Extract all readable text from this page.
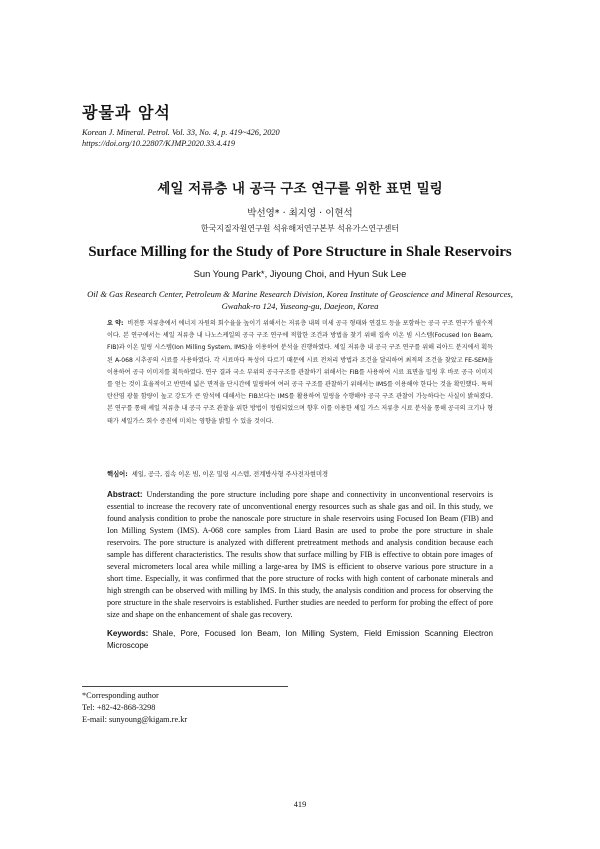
광물과 암석
Korean J. Mineral. Petrol. Vol. 33, No. 4, p. 419~426, 2020
https://doi.org/10.22807/KJMP.2020.33.4.419
셰일 저류층 내 공극 구조 연구를 위한 표면 밀링
박선영* · 최지영 · 이현석
한국지질자원연구원 석유해저연구본부 석유가스연구센터
Surface Milling for the Study of Pore Structure in Shale Reservoirs
Sun Young Park*, Jiyoung Choi, and Hyun Suk Lee
Oil & Gas Research Center, Petroleum & Marine Research Division, Korea Institute of Geoscience and Mineral Resources, Gwahak-ro 124, Yuseong-gu, Daejeon, Korea
요 약: 비전통 저류층에서 에너지 자원의 회수율을 높이기 위해서는 저류층 내의 미세 공극 형태와 연결도 등을 포함하는 공극 구조 연구가 필수적이다. 본 연구에서는 셰일 저류층 내 나노스케일의 공극 구조 연구에 적합한 조건과 방법을 찾기 위해 집속 이온 빔 시스템(Focused Ion Beam, FIB)과 이온 밀링 시스템(Ion Milling System, IMS)을 이용하여 분석을 진행하였다. 셰일 저류층 내 공극 구조 연구를 위해 리아드 분지에서 획득된 A-068 시추공의 시료를 사용하였다. 각 시료마다 특성이 다르기 때문에 시료 전처리 방법과 조건을 달리하여 최적의 조건을 찾았고 FE-SEM을 이용하여 공극 이미지를 획득하였다. 연구 결과 국소 부위의 공극구조를 관찰하기 위해서는 FIB를 사용하여 시료 표면을 밀링 후 바로 공극 이미지를 얻는 것이 효율적이고 반면에 넓은 면적을 단시간에 밀링하여 여러 공극 구조를 관찰하기 위해서는 IMS를 이용해야 한다는 것을 확인했다. 특히 탄산염 광물 함량이 높고 강도가 큰 암석에 대해서는 FIB보다는 IMS를 활용하여 밀링을 수행해야 공극 구조 관찰이 가능하다는 사실이 밝혀졌다. 본 연구를 통해 셰일 저류층 내 공극 구조 관찰을 위한 방법이 정립되었으며 향후 이를 이용한 셰일 가스 저류층 시료 분석을 통해 공극의 크기나 형태가 셰일가스 회수 증진에 미치는 영향을 밝힐 수 있을 것이다.
핵심어: 셰일, 공극, 집속 이온 빔, 이온 밀링 시스템, 전계방사형 주사전자현미경
Abstract: Understanding the pore structure including pore shape and connectivity in unconventional reservoirs is essential to increase the recovery rate of unconventional energy resources such as shale gas and oil. In this study, we found analysis condition to probe the nanoscale pore structure in shale reservoirs using Focused Ion Beam (FIB) and Ion Milling System (IMS). A-068 core samples from Liard Basin are used to probe the pore structure in shale reservoirs. The pore structure is analyzed with different pretreatment methods and analysis condition because each sample has different characteristics. The results show that surface milling by FIB is effective to obtain pore images of several micrometers local area while milling a large-area by IMS is efficient to observe various pore structure in a short time. Especially, it was confirmed that the pore structure of rocks with high content of carbonate minerals and high strength can be observed with milling by IMS. In this study, the analysis condition and process for observing the pore structure in the shale reservoirs is established. Further studies are needed to perform for probing the effect of pore size and shape on the enhancement of shale gas recovery.
Keywords: Shale, Pore, Focused Ion Beam, Ion Milling System, Field Emission Scanning Electron Microscope
*Corresponding author
Tel: +82-42-868-3298
E-mail: sunyoung@kigam.re.kr
419
